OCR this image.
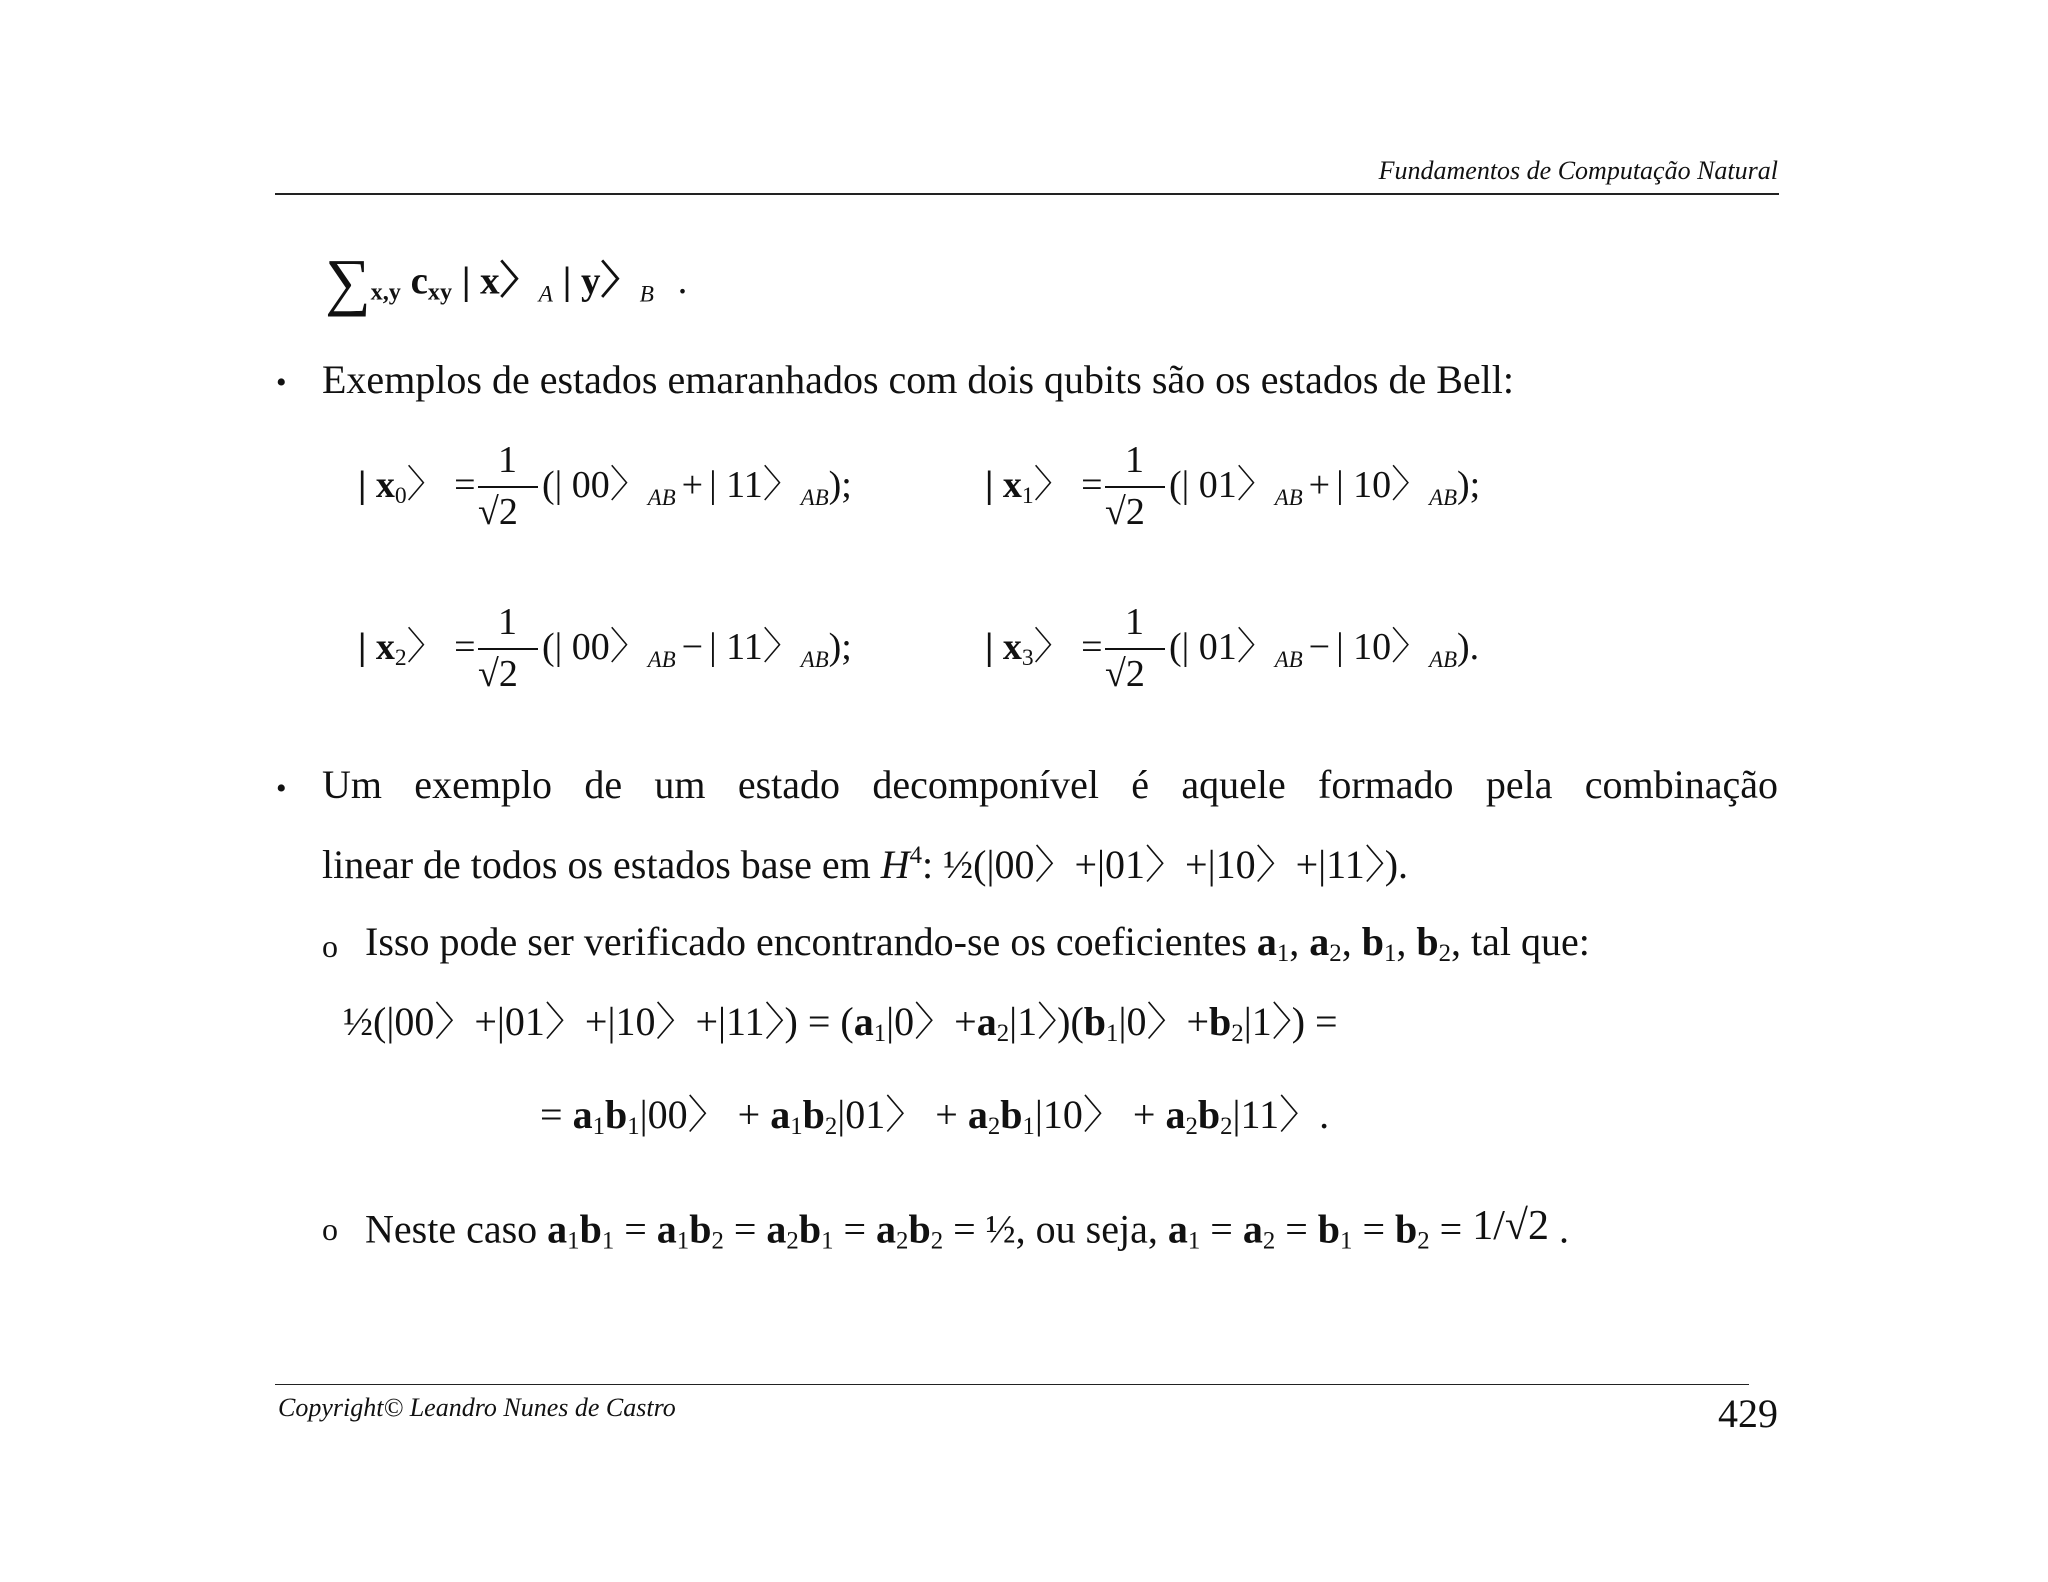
Fundamentos de Computação Natural
$\sum_{x,y}$ $c_{xy}$ | x〉$_A$ | y〉$_B$ .
• Exemplos de estados emaranhados com dois qubits são os estados de Bell:
| $x_0$〉 =
1
√2
(| 00〉$_{AB}$ + | 11〉$_{AB}$);	| $x_1$〉 =
1
√2
(| 01〉$_{AB}$ + | 10〉$_{AB}$);
| $x_2$〉 =
1
√2
(| 00〉$_{AB}$ − | 11〉$_{AB}$);	| $x_3$〉 =
1
√2
(| 01〉$_{AB}$ − | 10〉$_{AB}$).
• Um exemplo de um estado decomponível é aquele formado pela combinação
linear de todos os estados base em $H^4$: ½(|00〉+|01〉+|10〉+|11〉).
o Isso pode ser verificado encontrando-se os coeficientes $a_1$, $a_2$, $b_1$, $b_2$, tal que:
½(|00〉+|01〉+|10〉+|11〉) = ($a_1|0$〉$+a_2|1$〉)($b_1|0$〉$+b_2|1$〉) =
= $a_1b_1|00$〉 + $a_1b_2|01$〉 + $a_2b_1|10$〉 + $a_2b_2|11$〉.
o Neste caso $a_1b_1 = a_1b_2 = a_2b_1 = a_2b_2$ = ½, ou seja, $a_1 = a_2 = b_1 = b_2 = 1/√2$ .
Copyright© Leandro Nunes de Castro	429
